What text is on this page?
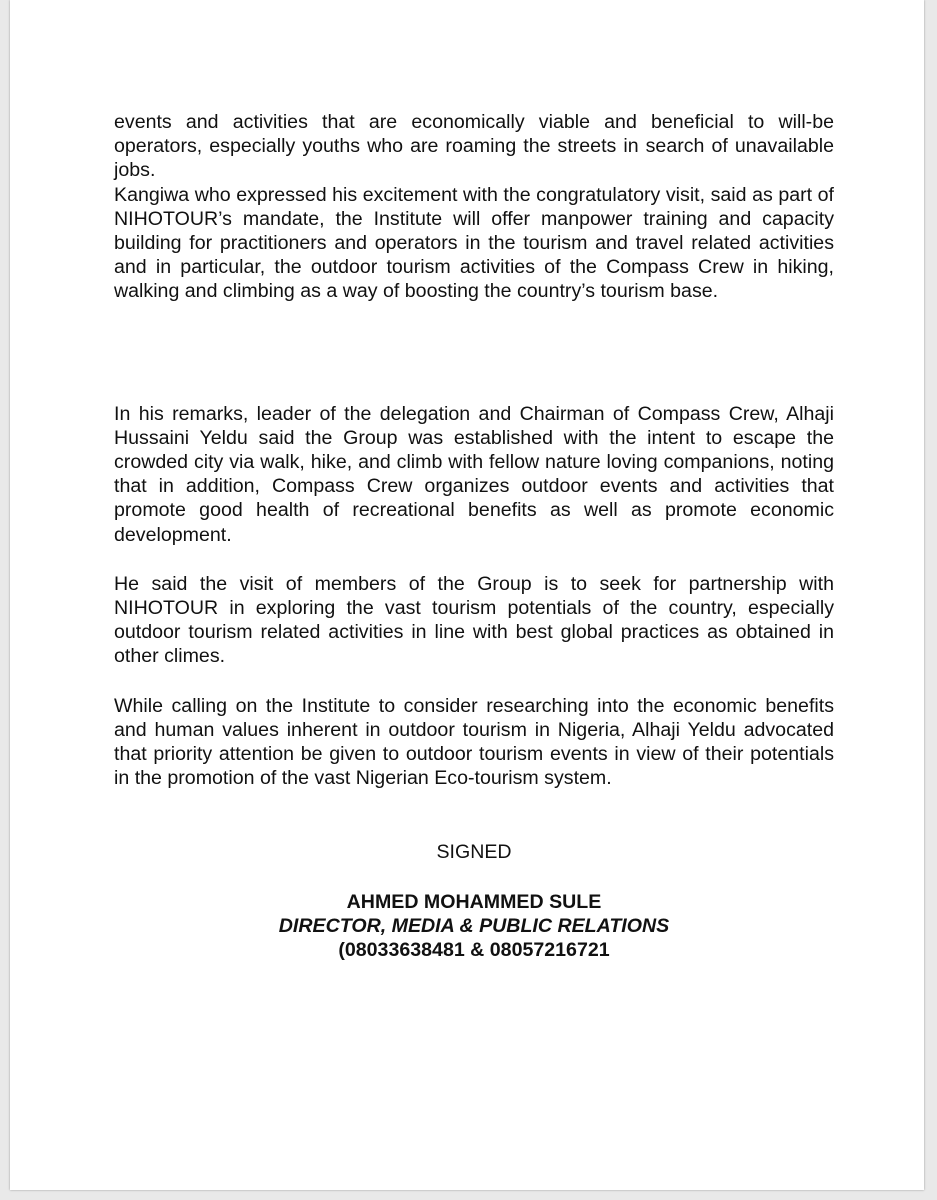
events and activities that are economically viable and beneficial to will-be operators, especially youths who are roaming the streets in search of unavailable jobs.

Kangiwa who expressed his excitement with the congratulatory visit, said as part of NIHOTOUR’s mandate, the Institute will offer manpower training and capacity building for practitioners and operators in the tourism and travel related activities and in particular, the outdoor tourism activities of the Compass Crew in hiking, walking and climbing as a way of boosting the country’s tourism base.

In his remarks, leader of the delegation and Chairman of Compass Crew, Alhaji Hussaini Yeldu said the Group was established with the intent to escape the crowded city via walk, hike, and climb with fellow nature loving companions, noting that in addition, Compass Crew organizes outdoor events and activities that promote good health of recreational benefits as well as promote economic development.

He said the visit of members of the Group is to seek for partnership with NIHOTOUR in exploring the vast tourism potentials of the country, especially outdoor tourism related activities in line with best global practices as obtained in other climes.

While calling on the Institute to consider researching into the economic benefits and human values inherent in outdoor tourism in Nigeria, Alhaji Yeldu advocated that priority attention be given to outdoor tourism events in view of their potentials in the promotion of the vast Nigerian Eco-tourism system.

SIGNED

AHMED MOHAMMED SULE

DIRECTOR, MEDIA & PUBLIC RELATIONS

(08033638481 & 08057216721
